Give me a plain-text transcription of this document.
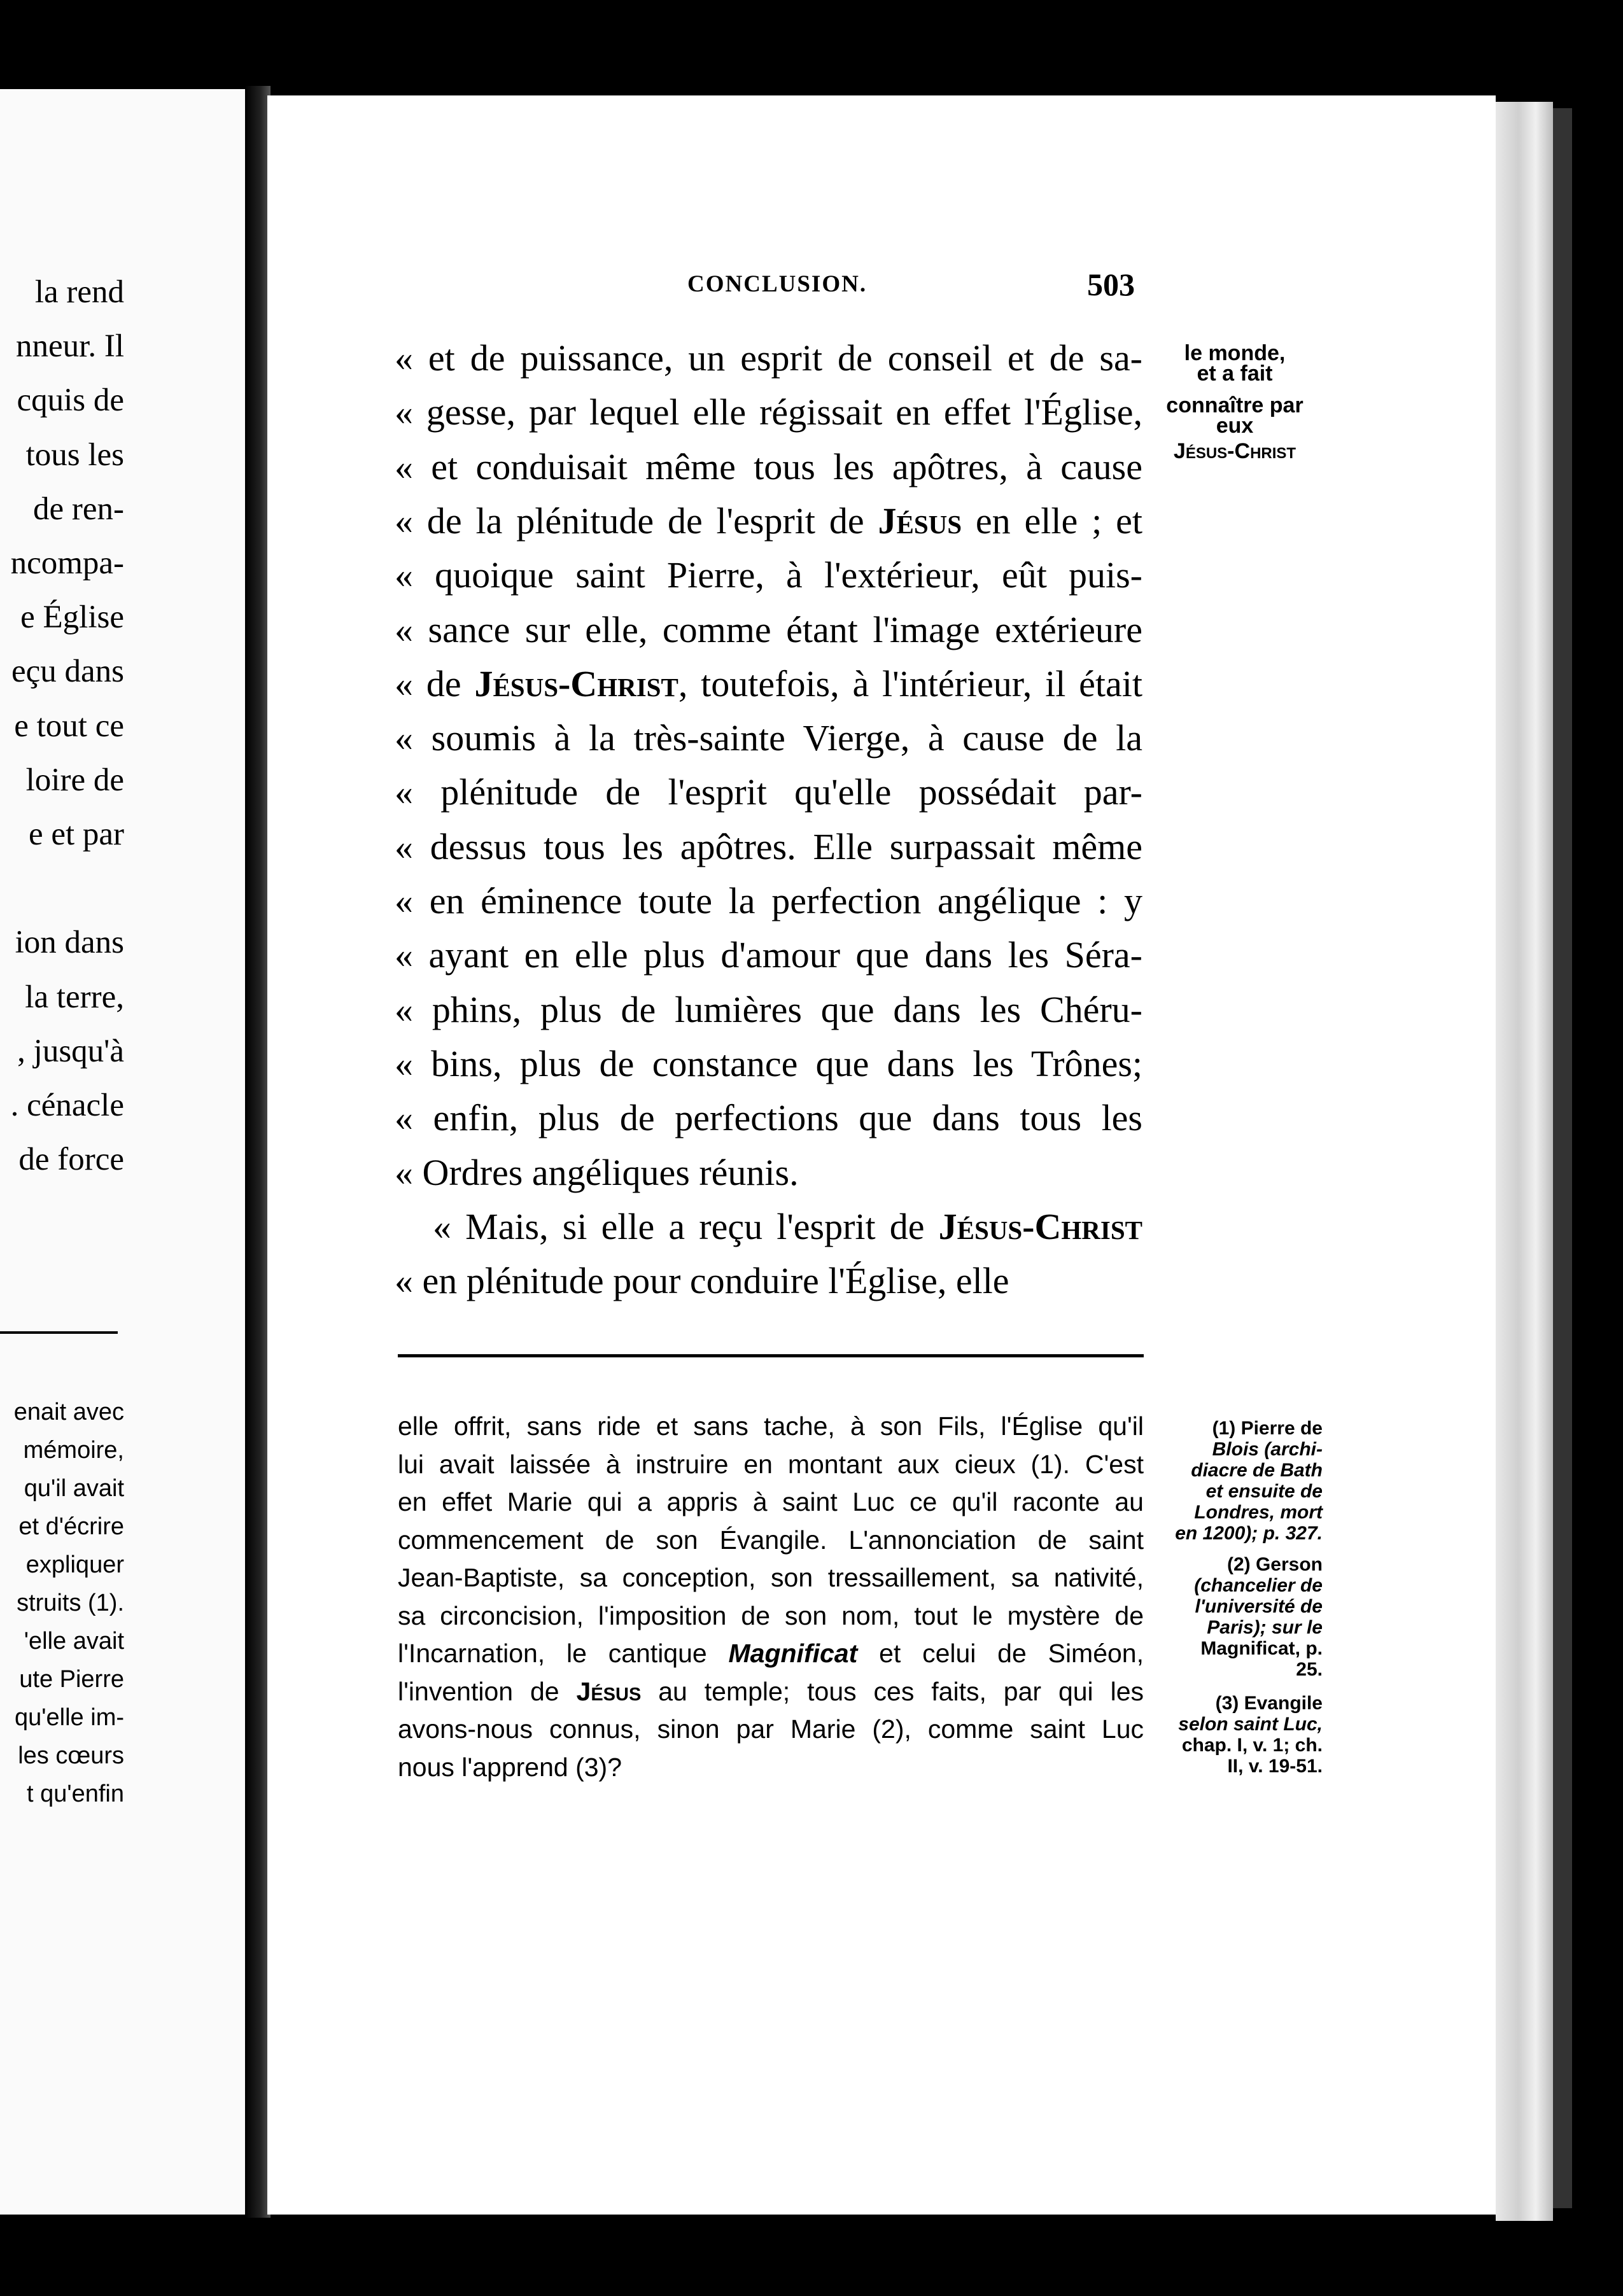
la rend
nneur. Il
cquis de
tous les
de ren-
ncompa-
e Église
eçu dans
e tout ce
loire de
e et par
ion dans
la terre,
, jusqu'à
. cénacle
de force
enait avec
mémoire,
qu'il avait
et d'écrire
expliquer
struits (1).
'elle avait
ute Pierre
qu'elle im-
les cœurs
t qu'enfin
CONCLUSION.	503
« et de puissance, un esprit de conseil et de sa-
« gesse, par lequel elle régissait en effet l'Église,
« et conduisait même tous les apôtres, à cause
« de la plénitude de l'esprit de Jésus en elle ; et
« quoique saint Pierre, à l'extérieur, eût puis-
« sance sur elle, comme étant l'image extérieure
« de Jésus-Christ, toutefois, à l'intérieur, il était
« soumis à la très-sainte Vierge, à cause de la
« plénitude de l'esprit qu'elle possédait par-
« dessus tous les apôtres. Elle surpassait même
« en éminence toute la perfection angélique : y
« ayant en elle plus d'amour que dans les Séra-
« phins, plus de lumières que dans les Chéru-
« bins, plus de constance que dans les Trônes;
« enfin, plus de perfections que dans tous les
« Ordres angéliques réunis.
« Mais, si elle a reçu l'esprit de Jésus-Christ
« en plénitude pour conduire l'Église, elle
le monde,
et a fait
connaître par
eux
Jésus-Christ
elle offrit, sans ride et sans tache, à son Fils, l'Église qu'il
lui avait laissée à instruire en montant aux cieux (1). C'est
en effet Marie qui a appris à saint Luc ce qu'il raconte au
commencement de son Évangile. L'annonciation de saint
Jean-Baptiste, sa conception, son tressaillement, sa nativité,
sa circoncision, l'imposition de son nom, tout le mystère de
l'Incarnation, le cantique Magnificat et celui de Siméon,
l'invention de Jésus au temple; tous ces faits, par qui les
avons-nous connus, sinon par Marie (2), comme saint Luc
nous l'apprend (3)?
(1) Pierre de
Blois (archi-
diacre de Bath
et ensuite de
Londres, mort
en 1200); p. 327.
(2) Gerson
(chancelier de
l'université de
Paris); sur le
Magnificat, p.
25.
(3) Evangile
selon saint Luc,
chap. I, v. 1; ch.
II, v. 19-51.
